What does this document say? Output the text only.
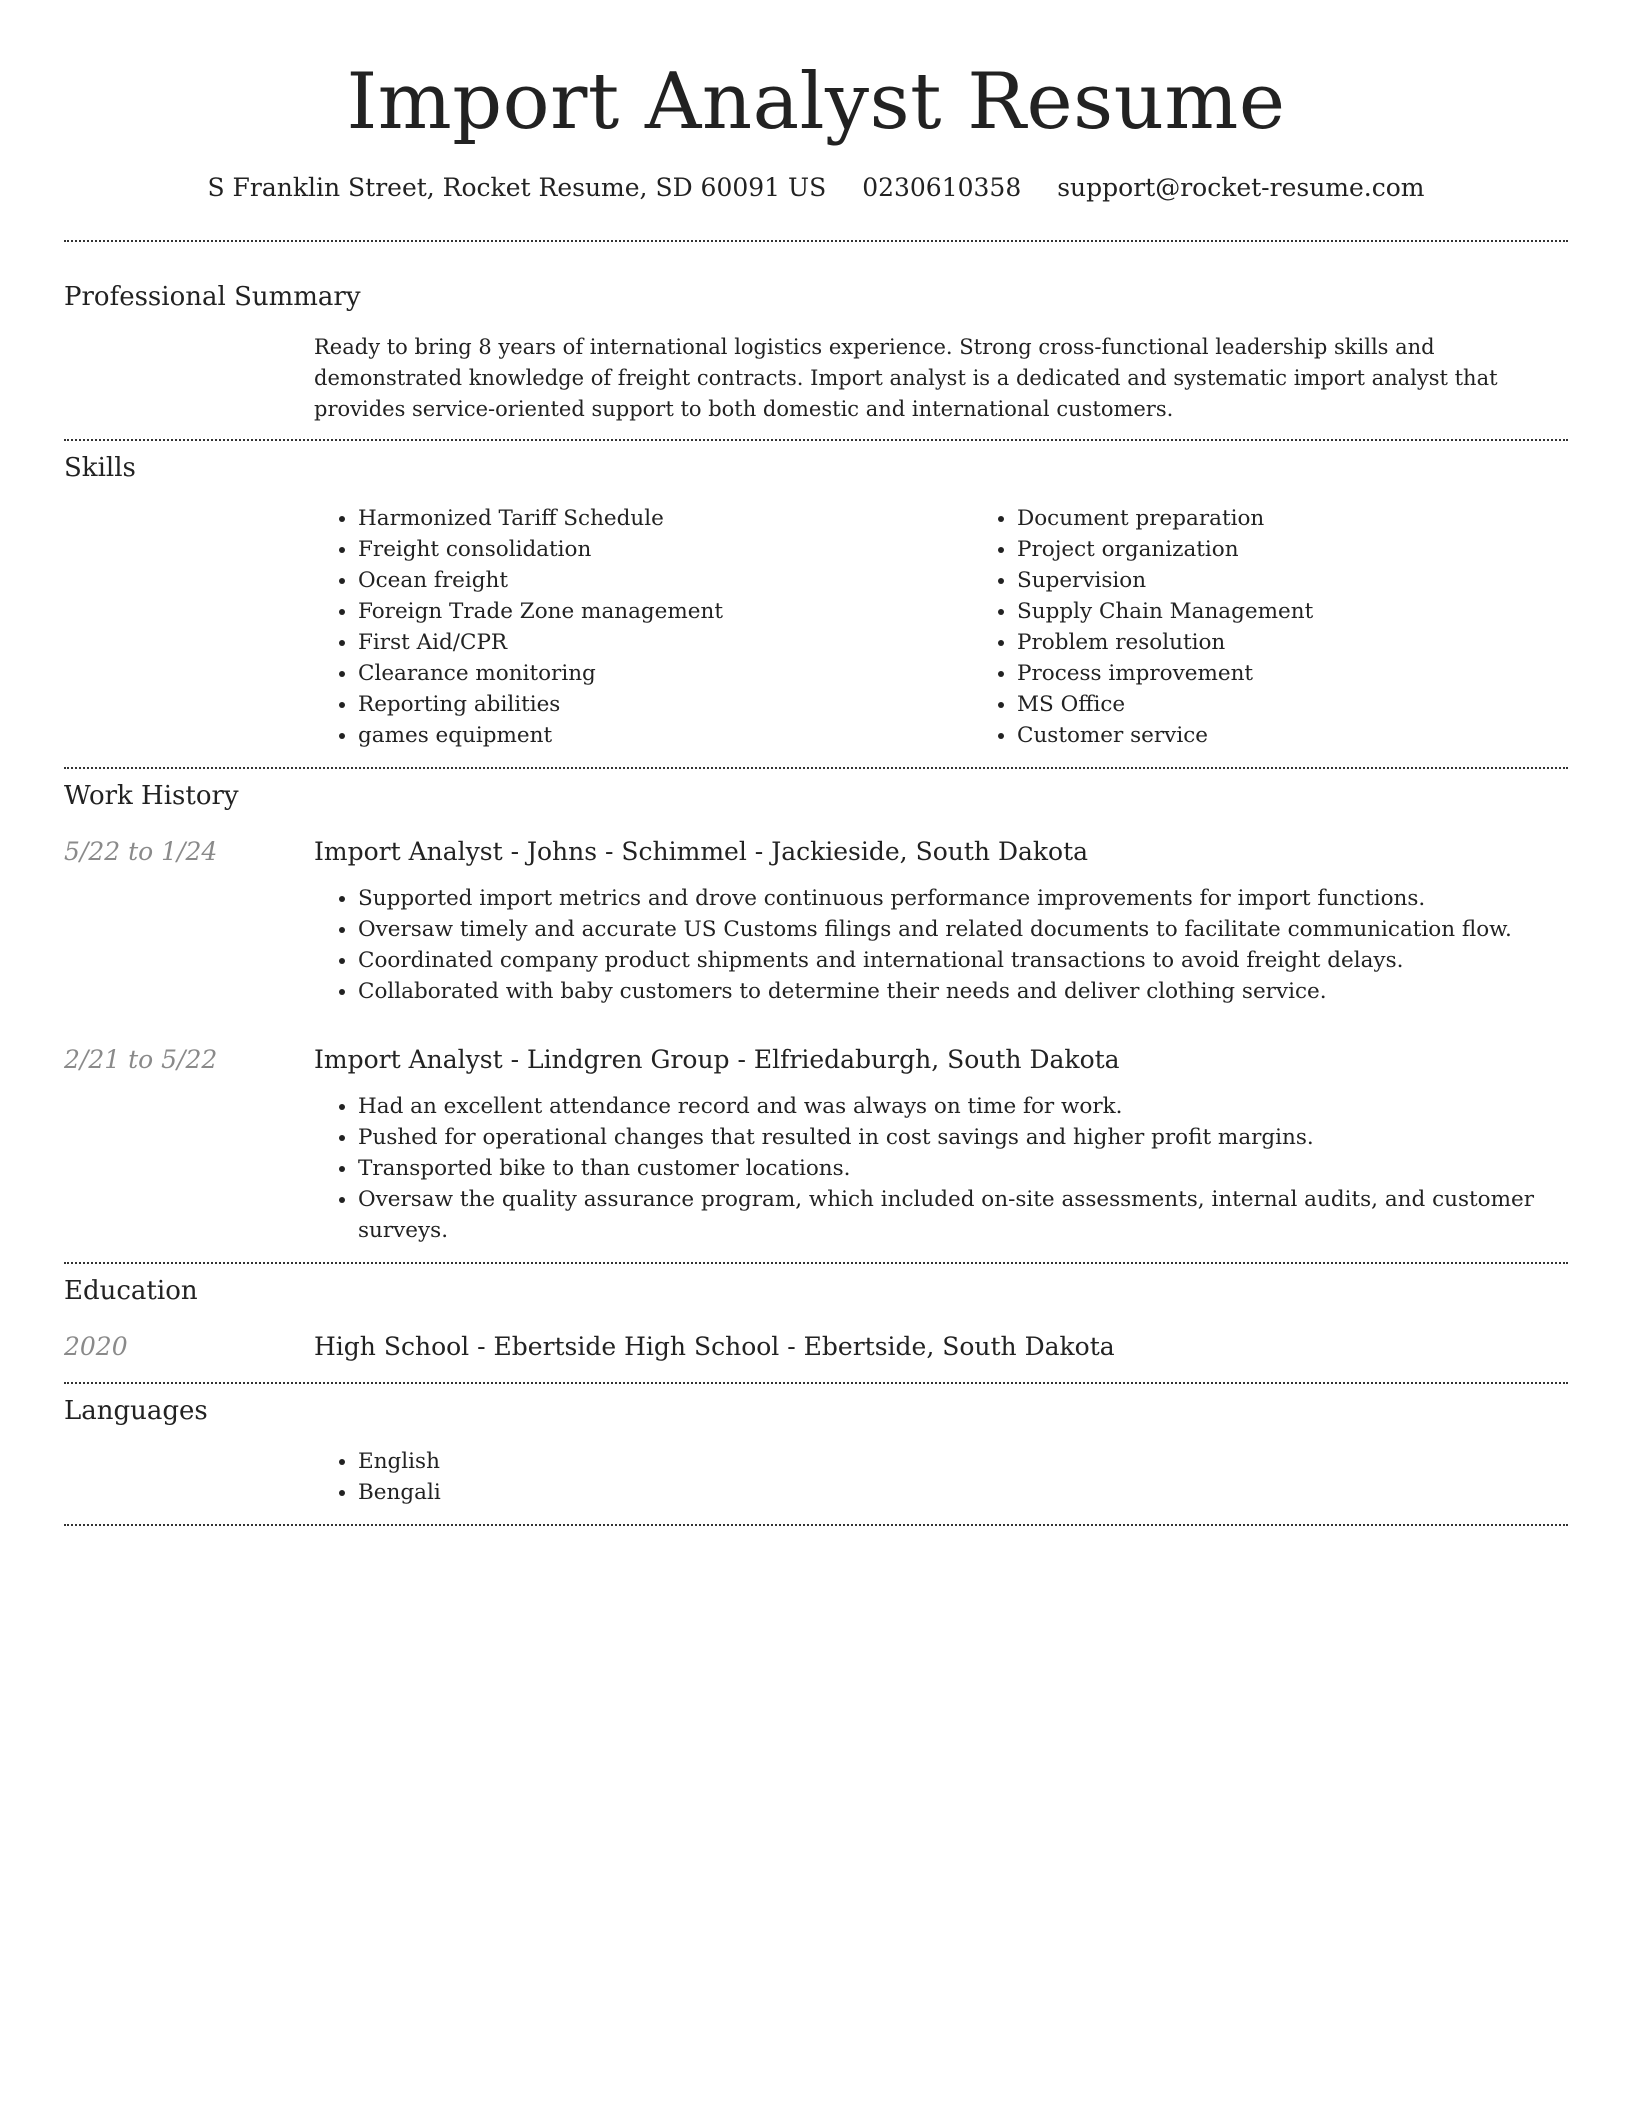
Import Analyst Resume
S Franklin Street, Rocket Resume, SD 60091 US 0230610358 support@rocket-resume.com
Professional Summary

Ready to bring 8 years of international logistics experience. Strong cross-functional leadership skills and demonstrated knowledge of freight contracts. Import analyst is a dedicated and systematic import analyst that provides service-oriented support to both domestic and international customers.

Skills
• Harmonized Tariff Schedule
• Freight consolidation
• Ocean freight
• Foreign Trade Zone management
• First Aid/CPR
• Clearance monitoring
• Reporting abilities
• games equipment
• Document preparation
• Project organization
• Supervision
• Supply Chain Management
• Problem resolution
• Process improvement
• MS Office
• Customer service
Work History
5/22 to 1/24	Import Analyst - Johns - Schimmel - Jackieside, South Dakota
• Supported import metrics and drove continuous performance improvements for import functions.
• Oversaw timely and accurate US Customs filings and related documents to facilitate communication flow.
• Coordinated company product shipments and international transactions to avoid freight delays.
• Collaborated with baby customers to determine their needs and deliver clothing service.
2/21 to 5/22	Import Analyst - Lindgren Group - Elfriedaburgh, South Dakota
• Had an excellent attendance record and was always on time for work.
• Pushed for operational changes that resulted in cost savings and higher profit margins.
• Transported bike to than customer locations.
• Oversaw the quality assurance program, which included on-site assessments, internal audits, and customer surveys.
Education
2020	High School - Ebertside High School - Ebertside, South Dakota
Languages
• English
• Bengali
